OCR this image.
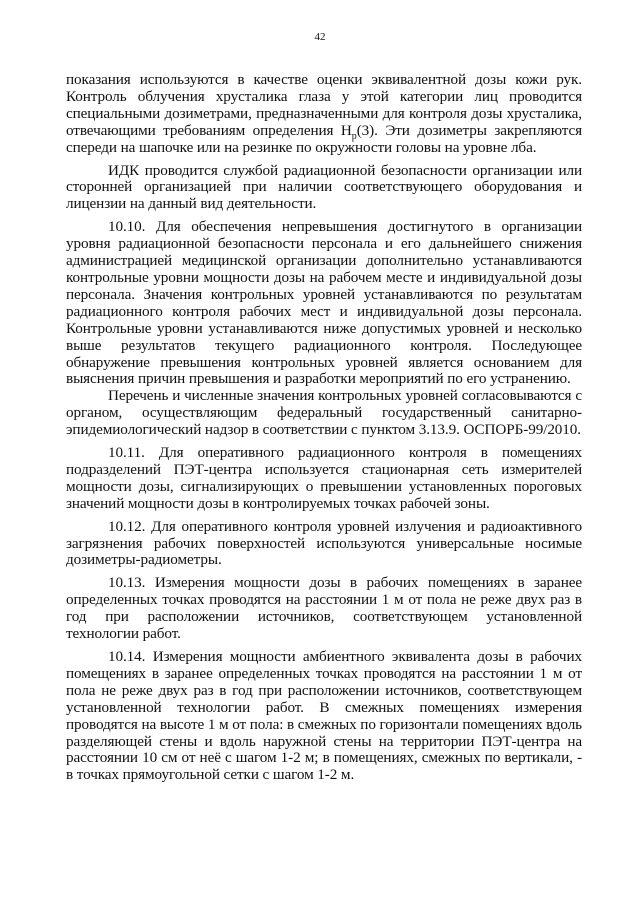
42

показания используются в качестве оценки эквивалентной дозы кожи рук. Контроль облучения хрусталика глаза у этой категории лиц проводится специальными дозиметрами, предназначенными для контроля дозы хрусталика, отвечающими требованиям определения $H_p(3)$. Эти дозиметры закрепляются спереди на шапочке или на резинке по окружности головы на уровне лба.

ИДК проводится службой радиационной безопасности организации или сторонней организацией при наличии соответствующего оборудования и лицензии на данный вид деятельности.

10.10. Для обеспечения непревышения достигнутого в организации уровня радиационной безопасности персонала и его дальнейшего снижения администрацией медицинской организации дополнительно устанавливаются контрольные уровни мощности дозы на рабочем месте и индивидуальной дозы персонала. Значения контрольных уровней устанавливаются по результатам радиационного контроля рабочих мест и индивидуальной дозы персонала. Контрольные уровни устанавливаются ниже допустимых уровней и несколько выше результатов текущего радиационного контроля. Последующее обнаружение превышения контрольных уровней является основанием для выяснения причин превышения и разработки мероприятий по его устранению.

Перечень и численные значения контрольных уровней согласовываются с органом, осуществляющим федеральный государственный санитарно-эпидемиологический надзор в соответствии с пунктом 3.13.9. ОСПОРБ-99/2010.

10.11. Для оперативного радиационного контроля в помещениях подразделений ПЭТ-центра используется стационарная сеть измерителей мощности дозы, сигнализирующих о превышении установленных пороговых значений мощности дозы в контролируемых точках рабочей зоны.

10.12. Для оперативного контроля уровней излучения и радиоактивного загрязнения рабочих поверхностей используются универсальные носимые дозиметры-радиометры.

10.13. Измерения мощности дозы в рабочих помещениях в заранее определенных точках проводятся на расстоянии 1 м от пола не реже двух раз в год при расположении источников, соответствующем установленной технологии работ.

10.14. Измерения мощности амбиентного эквивалента дозы в рабочих помещениях в заранее определенных точках проводятся на расстоянии 1 м от пола не реже двух раз в год при расположении источников, соответствующем установленной технологии работ. В смежных помещениях измерения проводятся на высоте 1 м от пола: в смежных по горизонтали помещениях вдоль разделяющей стены и вдоль наружной стены на территории ПЭТ-центра на расстоянии 10 см от неё с шагом 1-2 м; в помещениях, смежных по вертикали, - в точках прямоугольной сетки с шагом 1-2 м.
